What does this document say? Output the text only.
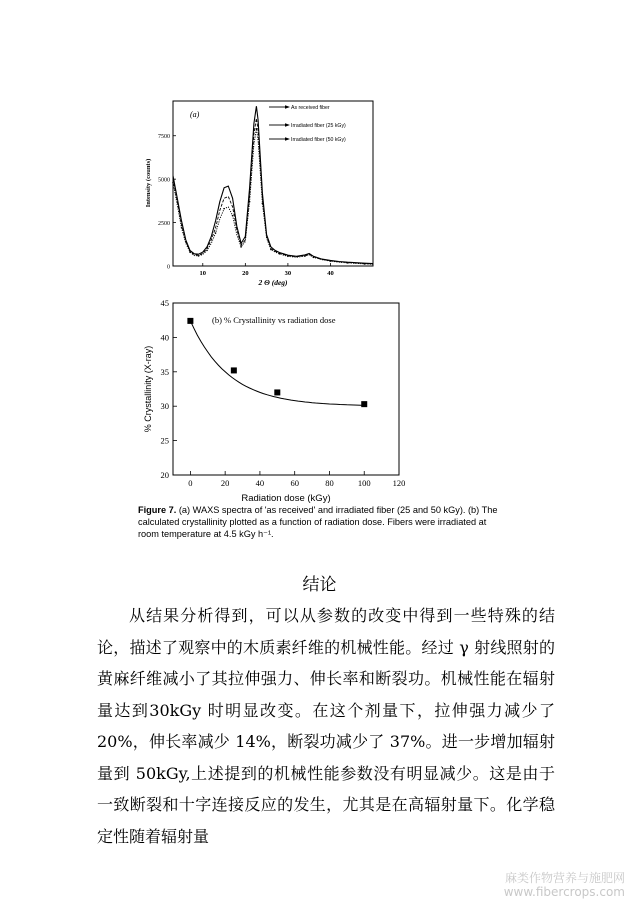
(a)
0
2500
5000
7500
10	20	30	40
As received fiber
Irradiated fiber (25 kGy)
Irradiated fiber (50 kGy)
2 Θ (deg)
Intensity (counts)
(b) % Crystallinity vs radiation dose
20
25
30
35
40
45
0	20	40	60	80	100	120
Radiation dose (kGy)
% Crystallinity (X-ray)
Figure 7. (a) WAXS spectra of 'as received' and irradiated fiber (25 and 50 kGy). (b) The calculated crystallinity plotted as a function of radiation dose. Fibers were irradiated at room temperature at 4.5 kGy h⁻¹.
结论
从结果分析得到，可以从参数的改变中得到一些特殊的结论，描述了观察中的木质素纤维的机械性能。经过 γ 射线照射的黄麻纤维减小了其拉伸强力、伸长率和断裂功。机械性能在辐射量达到30kGy 时明显改变。在这个剂量下，拉伸强力减少了 20%，伸长率减少 14%，断裂功减少了 37%。进一步增加辐射量到 50kGy,上述提到的机械性能参数没有明显减少。这是由于一致断裂和十字连接反应的发生，尤其是在高辐射量下。化学稳定性随着辐射量
麻类作物营养与施肥网
www.fibercrops.com
